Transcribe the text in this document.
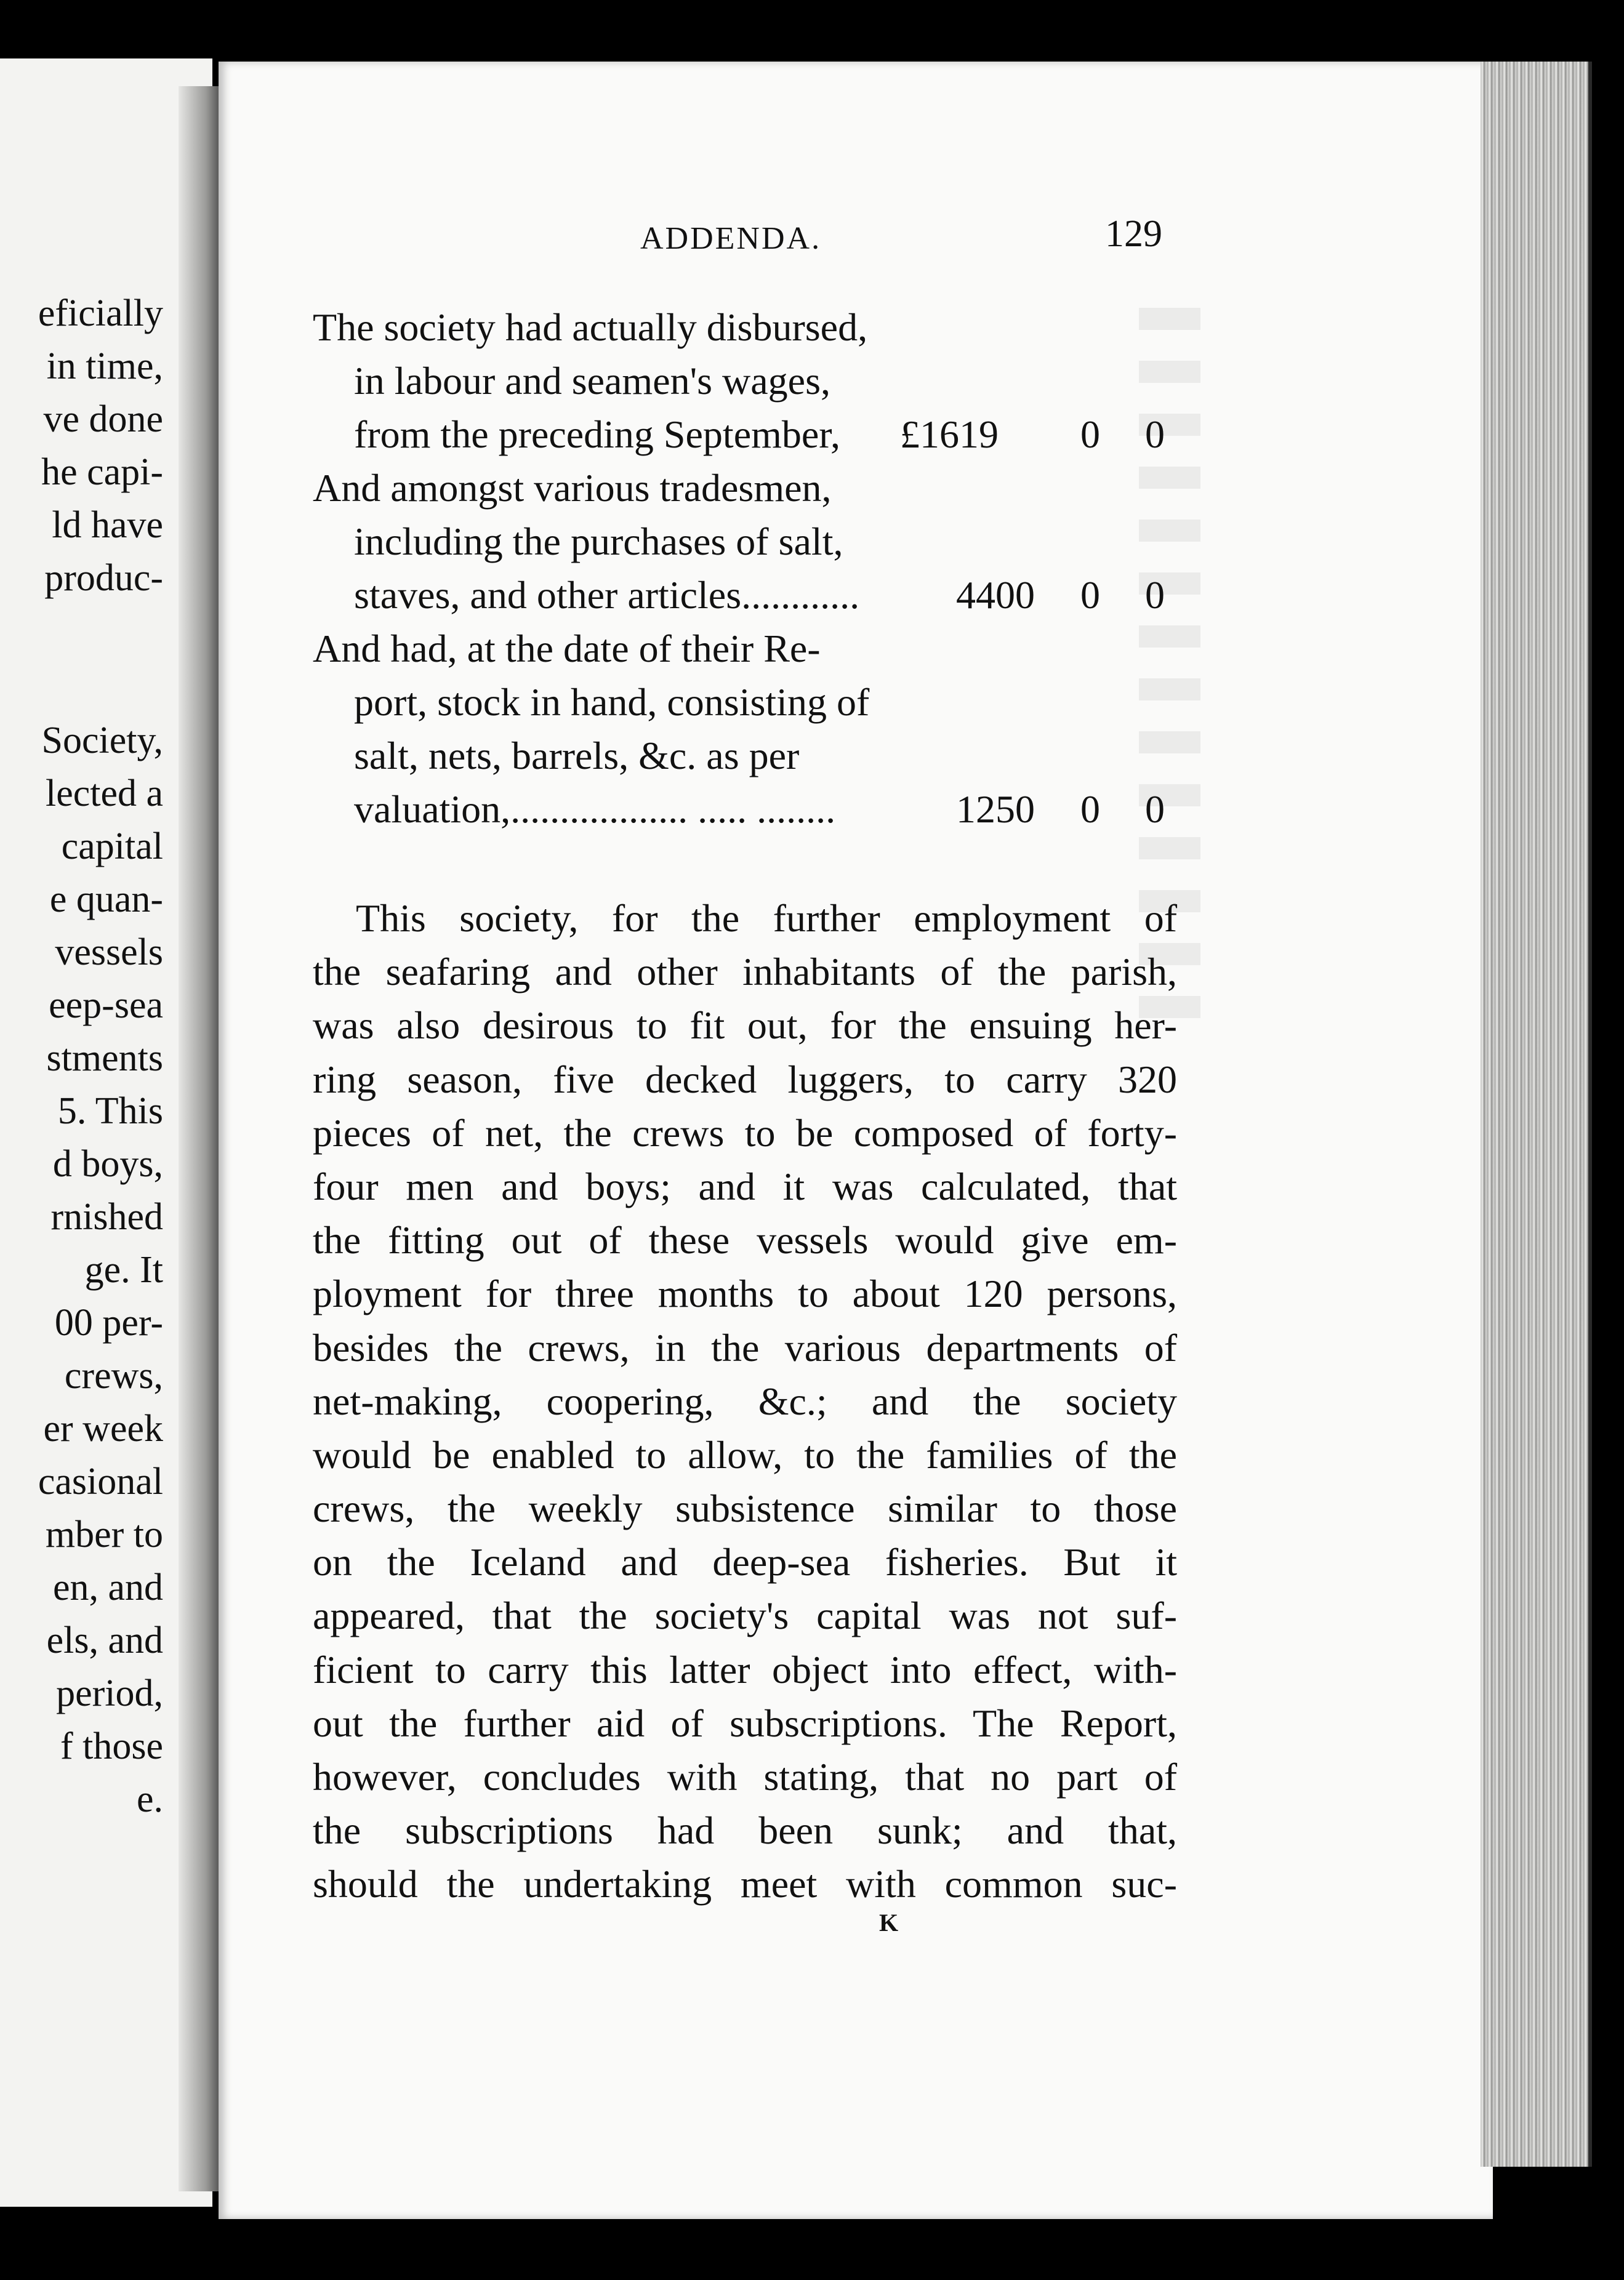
eficially
in time,
ve done
he capi-
ld have
produc-
Society,
lected a
capital
e quan-
vessels
eep-sea
stments
5. This
d boys,
rnished
ge. It
00 per-
crews,
er week
casional
mber to
en, and
els, and
period,
f those
e.
ADDENDA.	129
The society had actually disbursed,
in labour and seamen's wages,
from the preceding September, £1619 0 0
And amongst various tradesmen,
including the purchases of salt,
staves, and other articles............ 4400 0 0
And had, at the date of their Re-
port, stock in hand, consisting of
salt, nets, barrels, &c. as per
valuation,.................. ..... ........	1250 0 0
This society, for the further employment of
the seafaring and other inhabitants of the parish,
was also desirous to fit out, for the ensuing her-
ring season, five decked luggers, to carry 320
pieces of net, the crews to be composed of forty-
four men and boys; and it was calculated, that
the fitting out of these vessels would give em-
ployment for three months to about 120 persons,
besides the crews, in the various departments of
net-making, coopering, &c.; and the society
would be enabled to allow, to the families of the
crews, the weekly subsistence similar to those
on the Iceland and deep-sea fisheries. But it
appeared, that the society's capital was not suf-
ficient to carry this latter object into effect, with-
out the further aid of subscriptions. The Report,
however, concludes with stating, that no part of
the subscriptions had been sunk; and that,
should the undertaking meet with common suc-
K
